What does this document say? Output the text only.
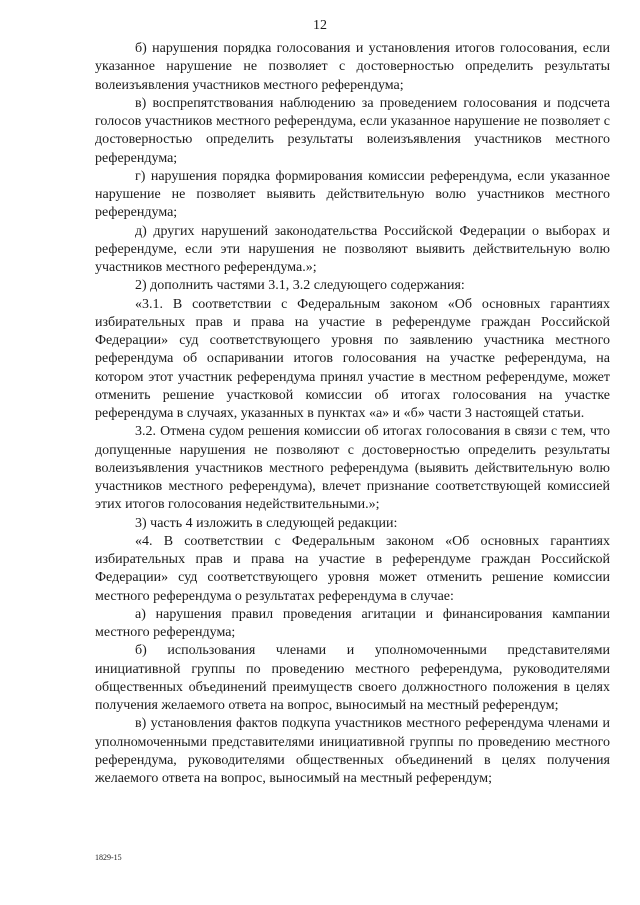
12

б) нарушения порядка голосования и установления итогов голосования, если указанное нарушение не позволяет с достоверностью определить результаты волеизъявления участников местного референдума;

в) воспрепятствования наблюдению за проведением голосования и подсчета голосов участников местного референдума, если указанное нарушение не позволяет с достоверностью определить результаты волеизъявления участников местного референдума;

г) нарушения порядка формирования комиссии референдума, если указанное нарушение не позволяет выявить действительную волю участников местного референдума;

д) других нарушений законодательства Российской Федерации о выборах и референдуме, если эти нарушения не позволяют выявить действительную волю участников местного референдума.»;

2) дополнить частями 3.1, 3.2 следующего содержания:

«3.1. В соответствии с Федеральным законом «Об основных гарантиях избирательных прав и права на участие в референдуме граждан Российской Федерации» суд соответствующего уровня по заявлению участника местного референдума об оспаривании итогов голосования на участке референдума, на котором этот участник референдума принял участие в местном референдуме, может отменить решение участковой комиссии об итогах голосования на участке референдума в случаях, указанных в пунктах «а» и «б» части 3 настоящей статьи.

3.2. Отмена судом решения комиссии об итогах голосования в связи с тем, что допущенные нарушения не позволяют с достоверностью определить результаты волеизъявления участников местного референдума (выявить действительную волю участников местного референдума), влечет признание соответствующей комиссией этих итогов голосования недействительными.»;

3) часть 4 изложить в следующей редакции:

«4. В соответствии с Федеральным законом «Об основных гарантиях избирательных прав и права на участие в референдуме граждан Российской Федерации» суд соответствующего уровня может отменить решение комиссии местного референдума о результатах референдума в случае:

а) нарушения правил проведения агитации и финансирования кампании местного референдума;

б) использования членами и уполномоченными представителями инициативной группы по проведению местного референдума, руководителями общественных объединений преимуществ своего должностного положения в целях получения желаемого ответа на вопрос, выносимый на местный референдум;

в) установления фактов подкупа участников местного референдума членами и уполномоченными представителями инициативной группы по проведению местного референдума, руководителями общественных объединений в целях получения желаемого ответа на вопрос, выносимый на местный референдум;

1829-15
